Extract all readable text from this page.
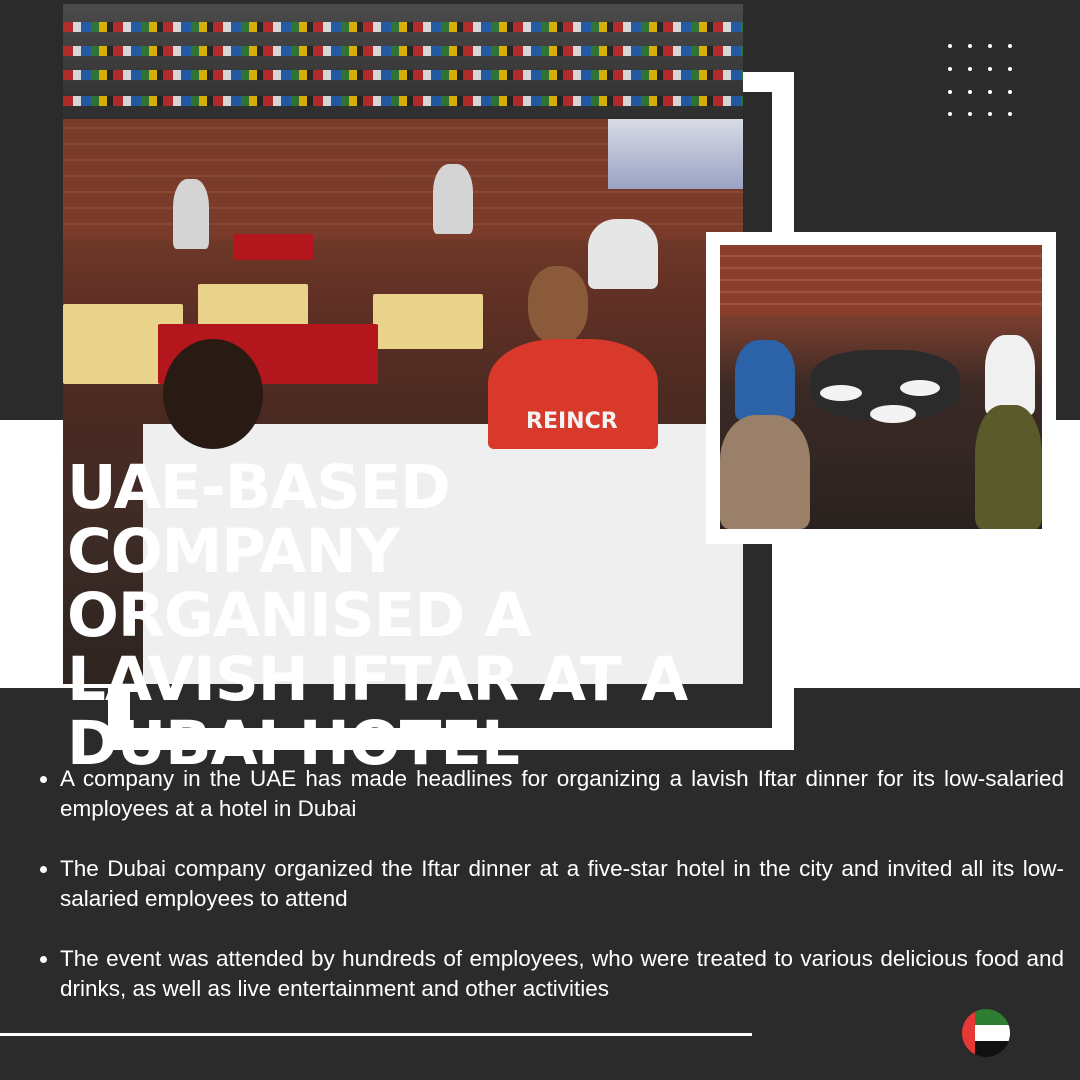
REINCR
UAE-BASED COMPANY ORGANISED A LAVISH IFTAR AT A DUBAI HOTEL
• A company in the UAE has made headlines for organizing a lavish Iftar dinner for its low-salaried employees at a hotel in Dubai
• The Dubai company organized the Iftar dinner at a five-star hotel in the city and invited all its low-salaried employees to attend
• The event was attended by hundreds of employees, who were treated to various delicious food and drinks, as well as live entertainment and other activities
